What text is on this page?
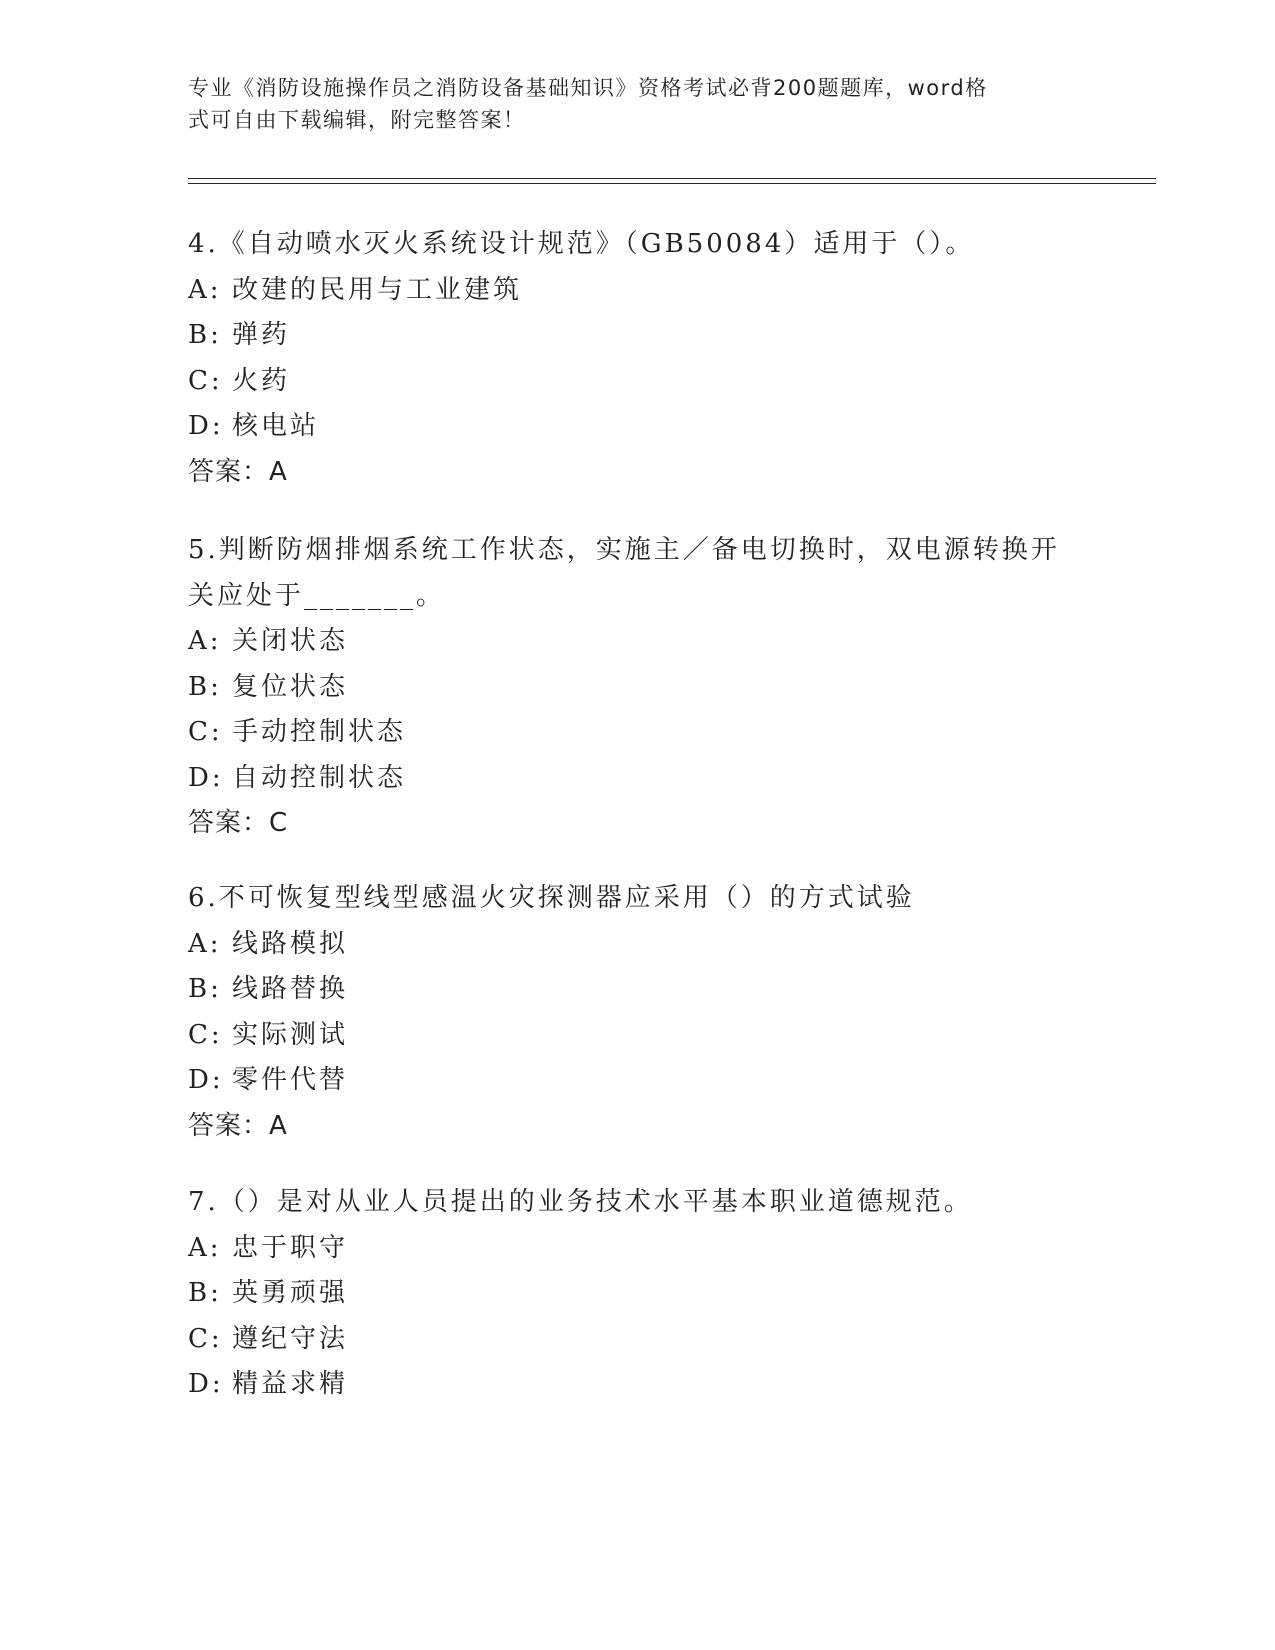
专业《消防设施操作员之消防设备基础知识》资格考试必背200题题库，word格
式可自由下载编辑，附完整答案！
4.《自动喷水灭火系统设计规范》（GB50084）适用于（）。
A: 改建的民用与工业建筑
B: 弹药
C: 火药
D: 核电站
答案：A
5.判断防烟排烟系统工作状态，实施主／备电切换时，双电源转换开
关应处于_______。
A: 关闭状态
B: 复位状态
C: 手动控制状态
D: 自动控制状态
答案：C
6.不可恢复型线型感温火灾探测器应采用（）的方式试验
A: 线路模拟
B: 线路替换
C: 实际测试
D: 零件代替
答案：A
7.（）是对从业人员提出的业务技术水平基本职业道德规范。
A: 忠于职守
B: 英勇顽强
C: 遵纪守法
D: 精益求精
